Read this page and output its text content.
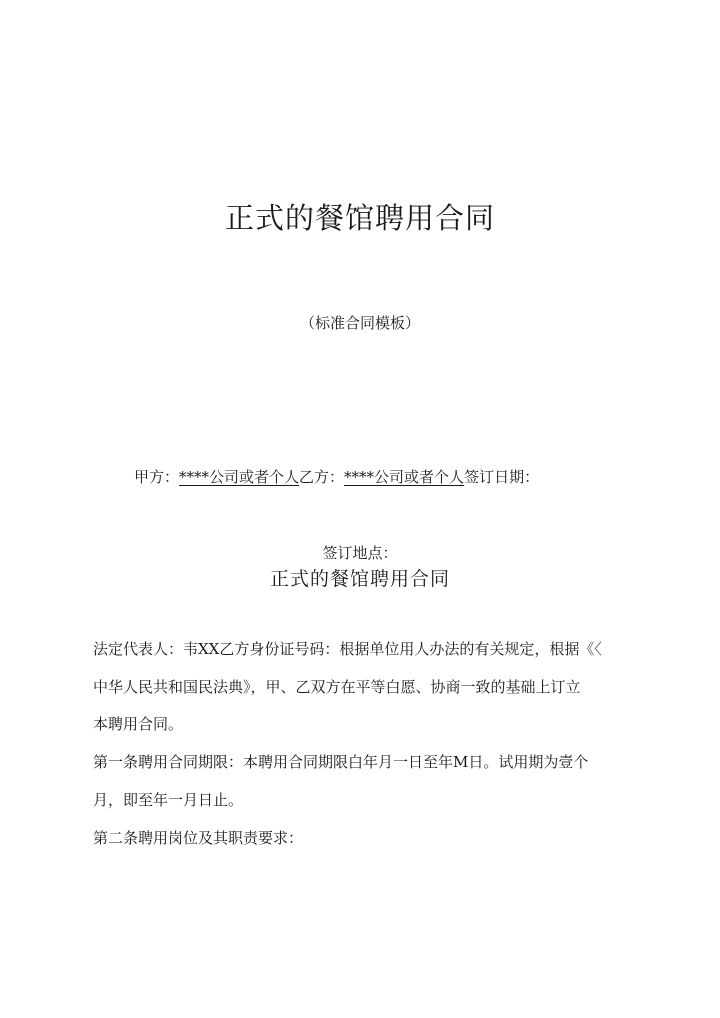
正式的餐馆聘用合同
（标准合同模板）
甲方：****公司或者个人乙方：****公司或者个人签订日期：
签订地点：
正式的餐馆聘用合同
法定代表人：韦XX乙方身份证号码：根据单位用人办法的有关规定，根据《〈
中华人民共和国民法典》，甲、乙双方在平等白愿、协商一致的基础上订立
本聘用合同。
第一条聘用合同期限：本聘用合同期限白年月一日至年M日。试用期为壹个
月，即至年一月日止。
第二条聘用岗位及其职责要求：
